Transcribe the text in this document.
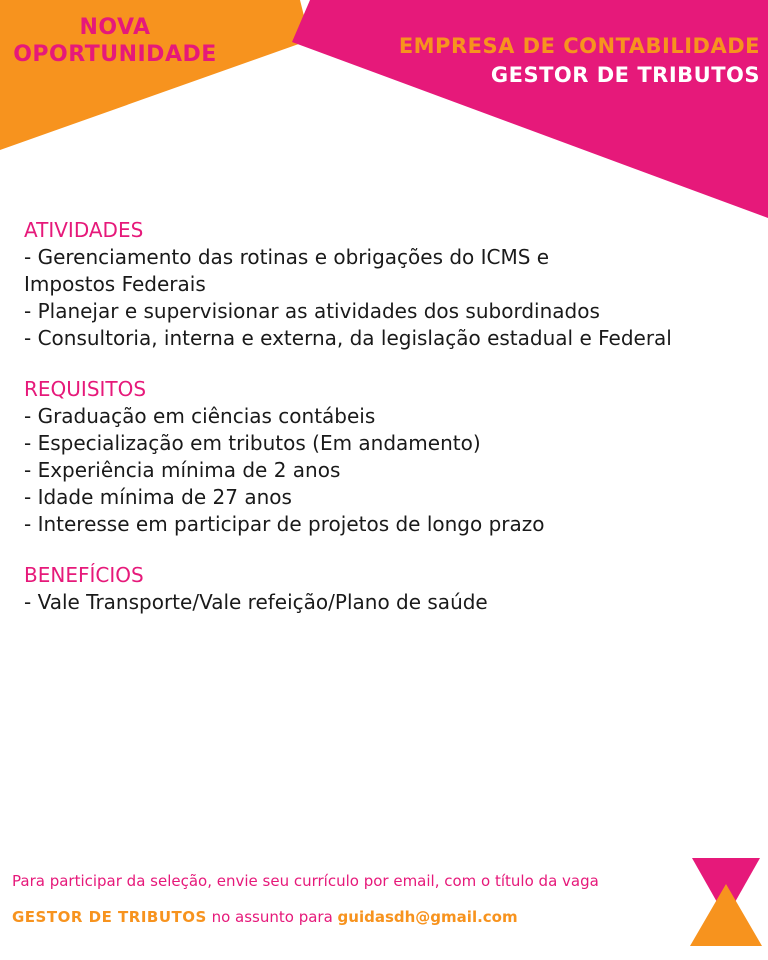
NOVA
OPORTUNIDADE	EMPRESA DE CONTABILIDADE
GESTOR DE TRIBUTOS
ATIVIDADES
- Gerenciamento das rotinas e obrigações do ICMS e
Impostos Federais
- Planejar e supervisionar as atividades dos subordinados
- Consultoria, interna e externa, da legislação estadual e Federal
REQUISITOS
- Graduação em ciências contábeis
- Especialização em tributos (Em andamento)
- Experiência mínima de 2 anos
- Idade mínima de 27 anos
- Interesse em participar de projetos de longo prazo
BENEFÍCIOS
- Vale Transporte/Vale refeição/Plano de saúde
Para participar da seleção, envie seu currículo por email, com o título da vaga
GESTOR DE TRIBUTOS no assunto para guidasdh@gmail.com
